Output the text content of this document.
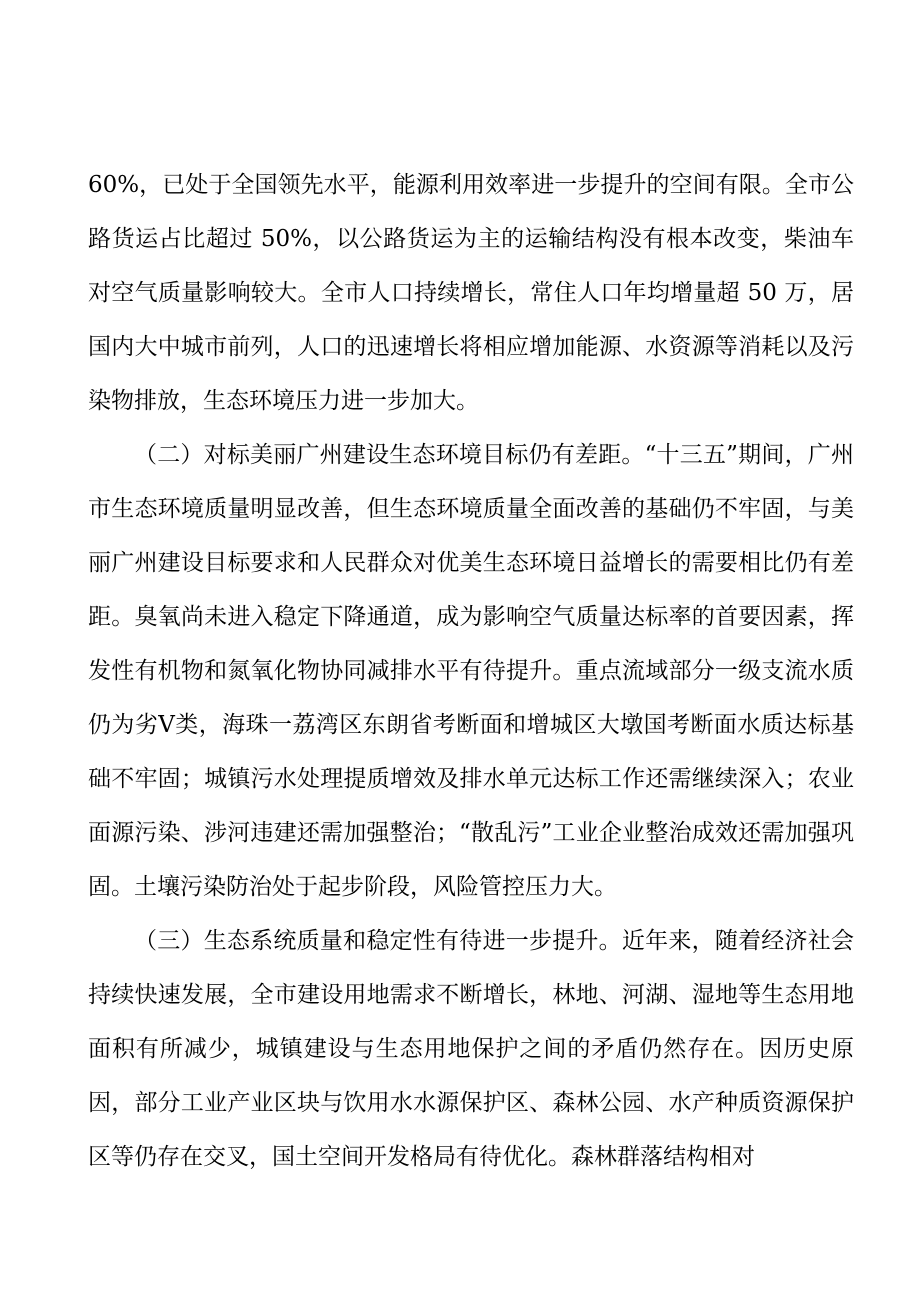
60%，已处于全国领先水平，能源利用效率进一步提升的空间有限。全市公路货运占比超过 50%，以公路货运为主的运输结构没有根本改变，柴油车对空气质量影响较大。全市人口持续增长，常住人口年均增量超 50 万，居国内大中城市前列，人口的迅速增长将相应增加能源、水资源等消耗以及污染物排放，生态环境压力进一步加大。

（二）对标美丽广州建设生态环境目标仍有差距。“十三五”期间，广州市生态环境质量明显改善，但生态环境质量全面改善的基础仍不牢固，与美丽广州建设目标要求和人民群众对优美生态环境日益增长的需要相比仍有差距。臭氧尚未进入稳定下降通道，成为影响空气质量达标率的首要因素，挥发性有机物和氮氧化物协同减排水平有待提升。重点流域部分一级支流水质仍为劣Ⅴ类，海珠一荔湾区东朗省考断面和增城区大墩国考断面水质达标基础不牢固；城镇污水处理提质增效及排水单元达标工作还需继续深入；农业面源污染、涉河违建还需加强整治；“散乱污”工业企业整治成效还需加强巩固。土壤污染防治处于起步阶段，风险管控压力大。

（三）生态系统质量和稳定性有待进一步提升。近年来，随着经济社会持续快速发展，全市建设用地需求不断增长，林地、河湖、湿地等生态用地面积有所减少，城镇建设与生态用地保护之间的矛盾仍然存在。因历史原因，部分工业产业区块与饮用水水源保护区、森林公园、水产种质资源保护区等仍存在交叉，国土空间开发格局有待优化。森林群落结构相对
